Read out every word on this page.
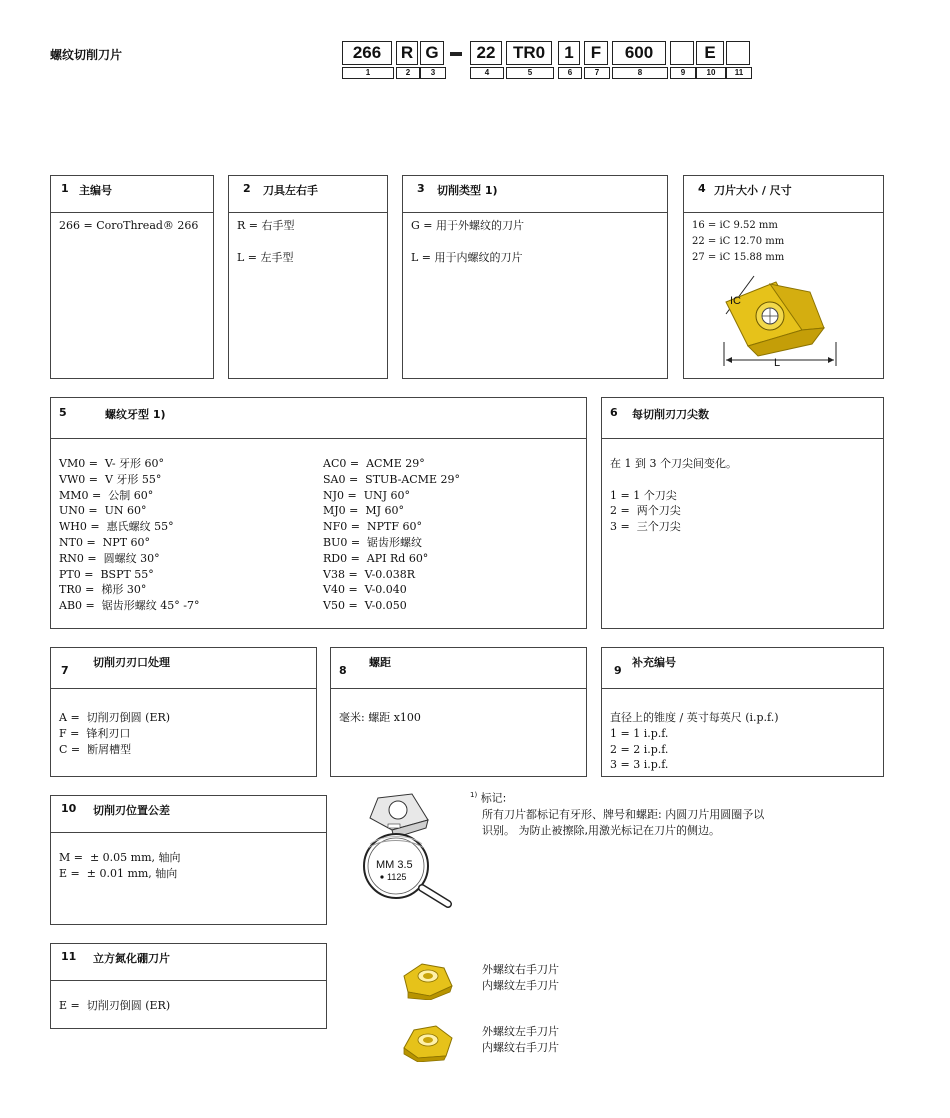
螺纹切削刀片	266
1
R
2
G
3
22
4
TR0
5
1
6
F
7
600
8	9
E
10	11
1 主编号
266 = CoroThread® 266
2 刀具左右手
R = 右手型
L = 左手型
3 切削类型 1)
G = 用于外螺纹的刀片
L = 用于内螺纹的刀片
4 刀片大小 / 尺寸
16 = iC 9.52 mm
22 = iC 12.70 mm
27 = iC 15.88 mm
IC
L
5	螺纹牙型 1)
VM0 =  V- 牙形 60°
VW0 =  V 牙形 55°
MM0 =  公制 60°
UN0 =  UN 60°
WH0 =  惠氏螺纹 55°
NT0 =  NPT 60°
RN0 =  圆螺纹 30°
PT0 =  BSPT 55°
TR0 =  梯形 30°
AB0 =  锯齿形螺纹 45° -7°
AC0 =  ACME 29°
SA0 =  STUB-ACME 29°
NJ0 =  UNJ 60°
MJ0 =  MJ 60°
NF0 =  NPTF 60°
BU0 =  锯齿形螺纹
RD0 =  API Rd 60°
V38 =  V-0.038R
V40 =  V-0.040
V50 =  V-0.050
6 每切削刃刀尖数
在 1 到 3 个刀尖间变化。
1 = 1 个刀尖
2 =  两个刀尖
3 =  三个刀尖
7
切削刃刃口处理
A =  切削刃倒圆 (ER)
F =  锋利刃口
C =  断屑槽型
8
螺距
毫米: 螺距 x100
9
补充编号
直径上的锥度 / 英寸每英尺 (i.p.f.)
1 = 1 i.p.f.
2 = 2 i.p.f.
3 = 3 i.p.f.
10 切削刃位置公差
M =  ± 0.05 mm, 轴向
E =  ± 0.01 mm, 轴向
11 立方氮化硼刀片
E =  切削刃倒圆 (ER)
$^{1)}$ 标记:
所有刀片都标记有牙形、牌号和螺距: 内圆刀片用圆圈予以
识别。 为防止被擦除,用激光标记在刀片的侧边。
MM 3.5
1125
外螺纹右手刀片
内螺纹左手刀片
外螺纹左手刀片
内螺纹右手刀片
